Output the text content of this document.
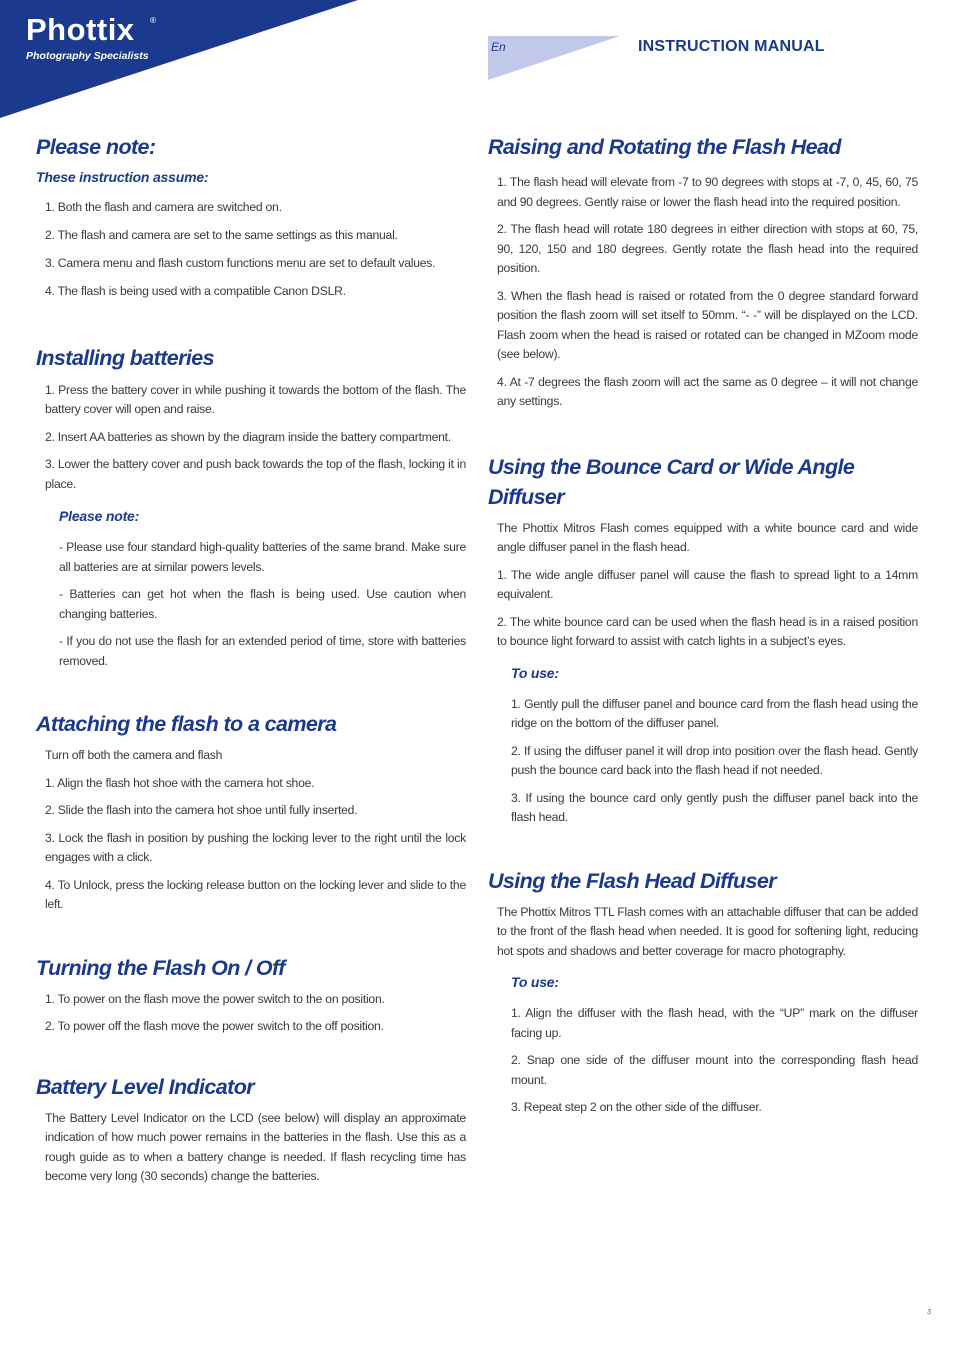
Phottix ®
Photography Specialists
En	INSTRUCTION MANUAL
Please note:
These instruction assume:

1. Both the flash and camera are switched on.

2. The flash and camera are set to the same settings as this manual.

3. Camera menu and flash custom functions menu are set to default values.

4. The flash is being used with a compatible Canon DSLR.

Installing batteries

1. Press the battery cover in while pushing it towards the bottom of the flash. The battery cover will open and raise.

2. Insert AA batteries as shown by the diagram inside the battery compartment.

3. Lower the battery cover and push back towards the top of the flash, locking it in place.

Please note:

- Please use four standard high-quality batteries of the same brand. Make sure all batteries are at similar powers levels.

- Batteries can get hot when the flash is being used. Use caution when changing batteries.

- If you do not use the flash for an extended period of time, store with batteries removed.

Attaching the flash to a camera

Turn off both the camera and flash

1. Align the flash hot shoe with the camera hot shoe.

2. Slide the flash into the camera hot shoe until fully inserted.

3. Lock the flash in position by pushing the locking lever to the right until the lock engages with a click.

4. To Unlock, press the locking release button on the locking lever and slide to the left.

Turning the Flash On / Off

1. To power on the flash move the power switch to the on position.

2. To power off the flash move the power switch to the off position.

Battery Level Indicator

The Battery Level Indicator on the LCD (see below) will display an approximate indication of how much power remains in the batteries in the flash. Use this as a rough guide as to when a battery change is needed. If flash recycling time has become very long (30 seconds) change the batteries.

Raising and Rotating the Flash Head

1. The flash head will elevate from -7 to 90 degrees with stops at -7, 0, 45, 60, 75 and 90 degrees. Gently raise or lower the flash head into the required position.

2. The flash head will rotate 180 degrees in either direction with stops at 60, 75, 90, 120, 150 and 180 degrees. Gently rotate the flash head into the required position.

3. When the flash head is raised or rotated from the 0 degree standard forward position the flash zoom will set itself to 50mm. “- -” will be displayed on the LCD. Flash zoom when the head is raised or rotated can be changed in MZoom mode (see below).

4. At -7 degrees the flash zoom will act the same as 0 degree – it will not change any settings.

Using the Bounce Card or Wide Angle Diffuser

The Phottix Mitros Flash comes equipped with a white bounce card and wide angle diffuser panel in the flash head.

1. The wide angle diffuser panel will cause the flash to spread light to a 14mm equivalent.

2. The white bounce card can be used when the flash head is in a raised position to bounce light forward to assist with catch lights in a subject’s eyes.

To use:

1. Gently pull the diffuser panel and bounce card from the flash head using the ridge on the bottom of the diffuser panel.

2. If using the diffuser panel it will drop into position over the flash head. Gently push the bounce card back into the flash head if not needed.

3. If using the bounce card only gently push the diffuser panel back into the flash head.

Using the Flash Head Diffuser

The Phottix Mitros TTL Flash comes with an attachable diffuser that can be added to the front of the flash head when needed. It is good for softening light, reducing hot spots and shadows and better coverage for macro photography.

To use:

1. Align the diffuser with the flash head, with the “UP” mark on the diffuser facing up.

2. Snap one side of the diffuser mount into the corresponding flash head mount.

3. Repeat step 2 on the other side of the diffuser.

3
